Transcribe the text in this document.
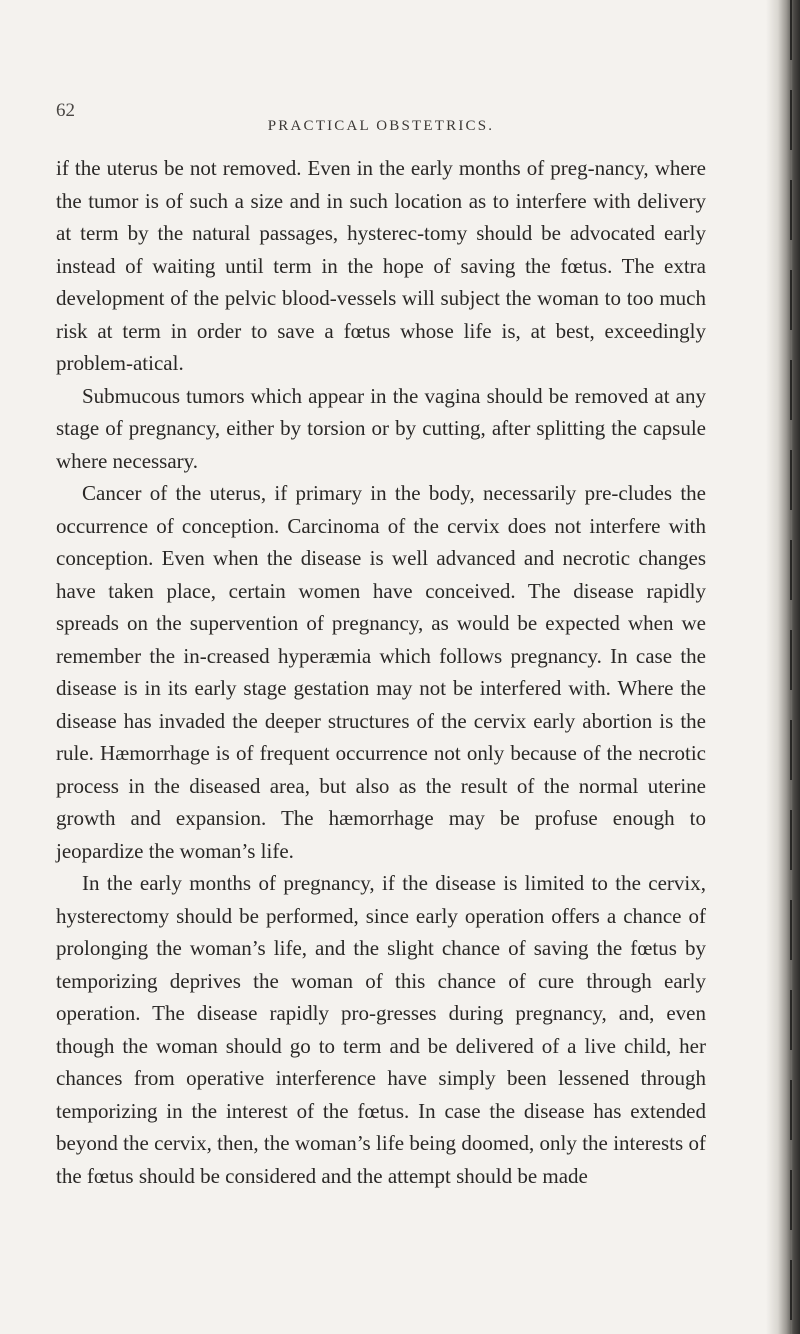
62
PRACTICAL OBSTETRICS.

if the uterus be not removed. Even in the early months of preg-nancy, where the tumor is of such a size and in such location as to interfere with delivery at term by the natural passages, hysterec-tomy should be advocated early instead of waiting until term in the hope of saving the fœtus. The extra development of the pelvic blood-vessels will subject the woman to too much risk at term in order to save a fœtus whose life is, at best, exceedingly problem-atical.

Submucous tumors which appear in the vagina should be removed at any stage of pregnancy, either by torsion or by cutting, after splitting the capsule where necessary.

Cancer of the uterus, if primary in the body, necessarily pre-cludes the occurrence of conception. Carcinoma of the cervix does not interfere with conception. Even when the disease is well advanced and necrotic changes have taken place, certain women have conceived. The disease rapidly spreads on the supervention of pregnancy, as would be expected when we remember the in-creased hyperæmia which follows pregnancy. In case the disease is in its early stage gestation may not be interfered with. Where the disease has invaded the deeper structures of the cervix early abortion is the rule. Hæmorrhage is of frequent occurrence not only because of the necrotic process in the diseased area, but also as the result of the normal uterine growth and expansion. The hæmorrhage may be profuse enough to jeopardize the woman’s life.

In the early months of pregnancy, if the disease is limited to the cervix, hysterectomy should be performed, since early operation offers a chance of prolonging the woman’s life, and the slight chance of saving the fœtus by temporizing deprives the woman of this chance of cure through early operation. The disease rapidly pro-gresses during pregnancy, and, even though the woman should go to term and be delivered of a live child, her chances from operative interference have simply been lessened through temporizing in the interest of the fœtus. In case the disease has extended beyond the cervix, then, the woman’s life being doomed, only the interests of the fœtus should be considered and the attempt should be made
